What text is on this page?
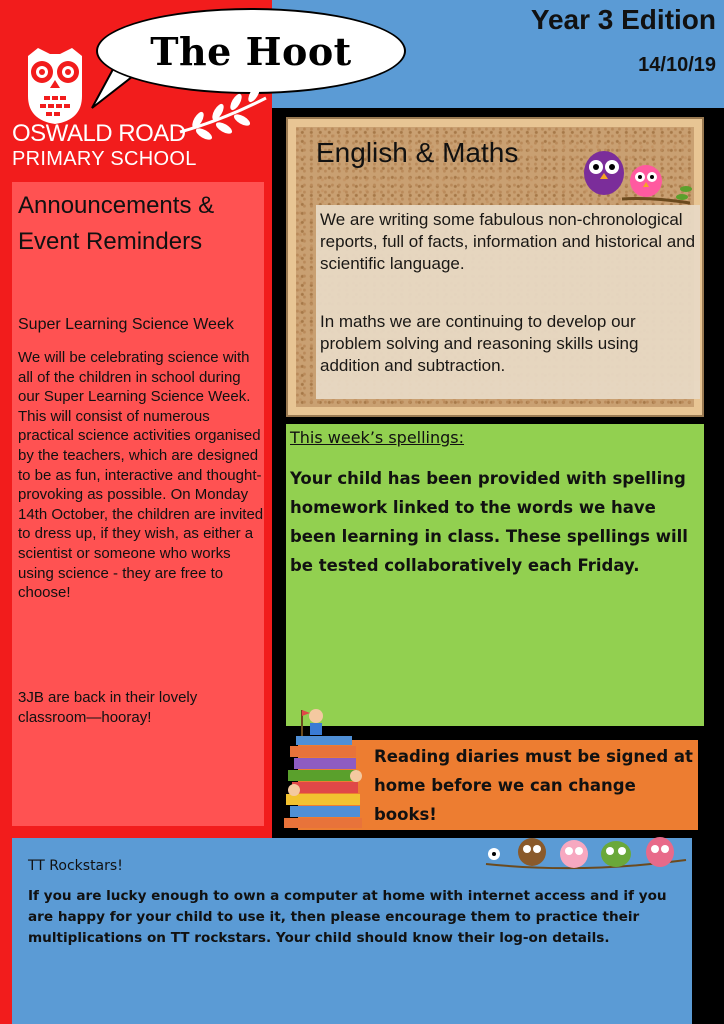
The Hoot
Year 3 Edition
14/10/19
OSWALD ROAD
PRIMARY SCHOOL
Announcements & Event Reminders
Super Learning Science Week
We will be celebrating science with all of the children in school during our Super Learning Science Week. This will consist of numerous practical science activities organised by the teachers, which are designed to be as fun, interactive and thought-provoking as possible. On Monday 14th October, the children are invited to dress up, if they wish, as either a scientist or someone who works using science - they are free to choose!
3JB are back in their lovely classroom—hooray!
English & Maths
We are writing some fabulous non-chronological reports, full of facts, information and historical and scientific language.
In maths we are continuing to develop our problem solving and reasoning skills using addition and subtraction.
This week’s spellings:
Your child has been provided with spelling homework linked to the words we have been learning in class. These spellings will be tested collaboratively each Friday.
Reading diaries must be signed at home before we can change books!
TT Rockstars!
If you are lucky enough to own a computer at home with internet access and if you are happy for your child to use it, then please encourage them to practice their multiplications on TT rockstars. Your child should know their log-on details.
